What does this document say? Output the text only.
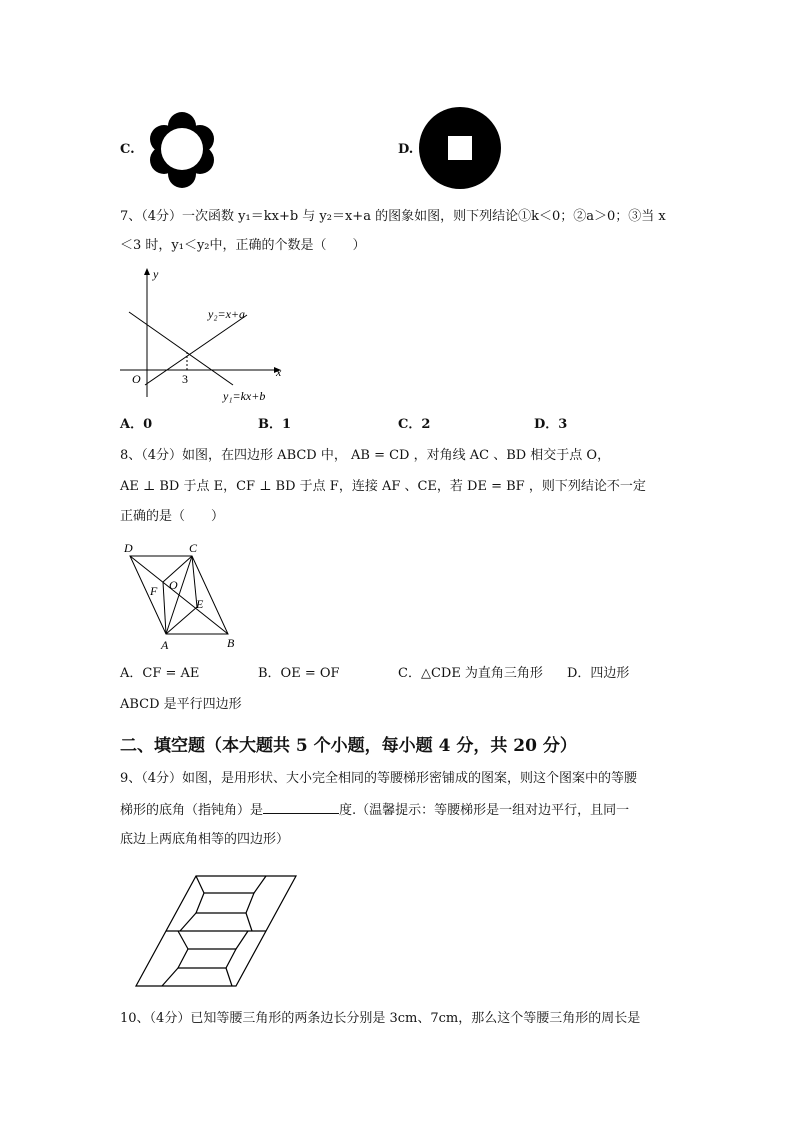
C.	D.
7、（4分）一次函数 y₁＝kx+b 与 y₂＝x+a 的图象如图，则下列结论①k＜0；②a＞0；③当 x
＜3 时，y₁＜y₂中，正确的个数是（　　）
y
x
O	3
y₂=x+a
y₁=kx+b
A．0	B．1	C．2	D．3
8、（4分）如图，在四边形 ABCD 中， AB = CD ，对角线 AC 、BD 相交于点 O，
AE ⊥ BD 于点 E，CF ⊥ BD 于点 F，连接 AF 、CE，若 DE = BF ，则下列结论不一定
正确的是（　　）
D	C
O
F
E
A	B
A．CF = AE	B．OE = OF	C．△CDE 为直角三角形 D．四边形
ABCD 是平行四边形
二、填空题（本大题共 5 个小题，每小题 4 分，共 20 分）
9、（4分）如图，是用形状、大小完全相同的等腰梯形密铺成的图案，则这个图案中的等腰
梯形的底角（指钝角）是	度.（温馨提示：等腰梯形是一组对边平行，且同一
底边上两底角相等的四边形）
10、（4分）已知等腰三角形的两条边长分别是 3cm、7cm，那么这个等腰三角形的周长是
